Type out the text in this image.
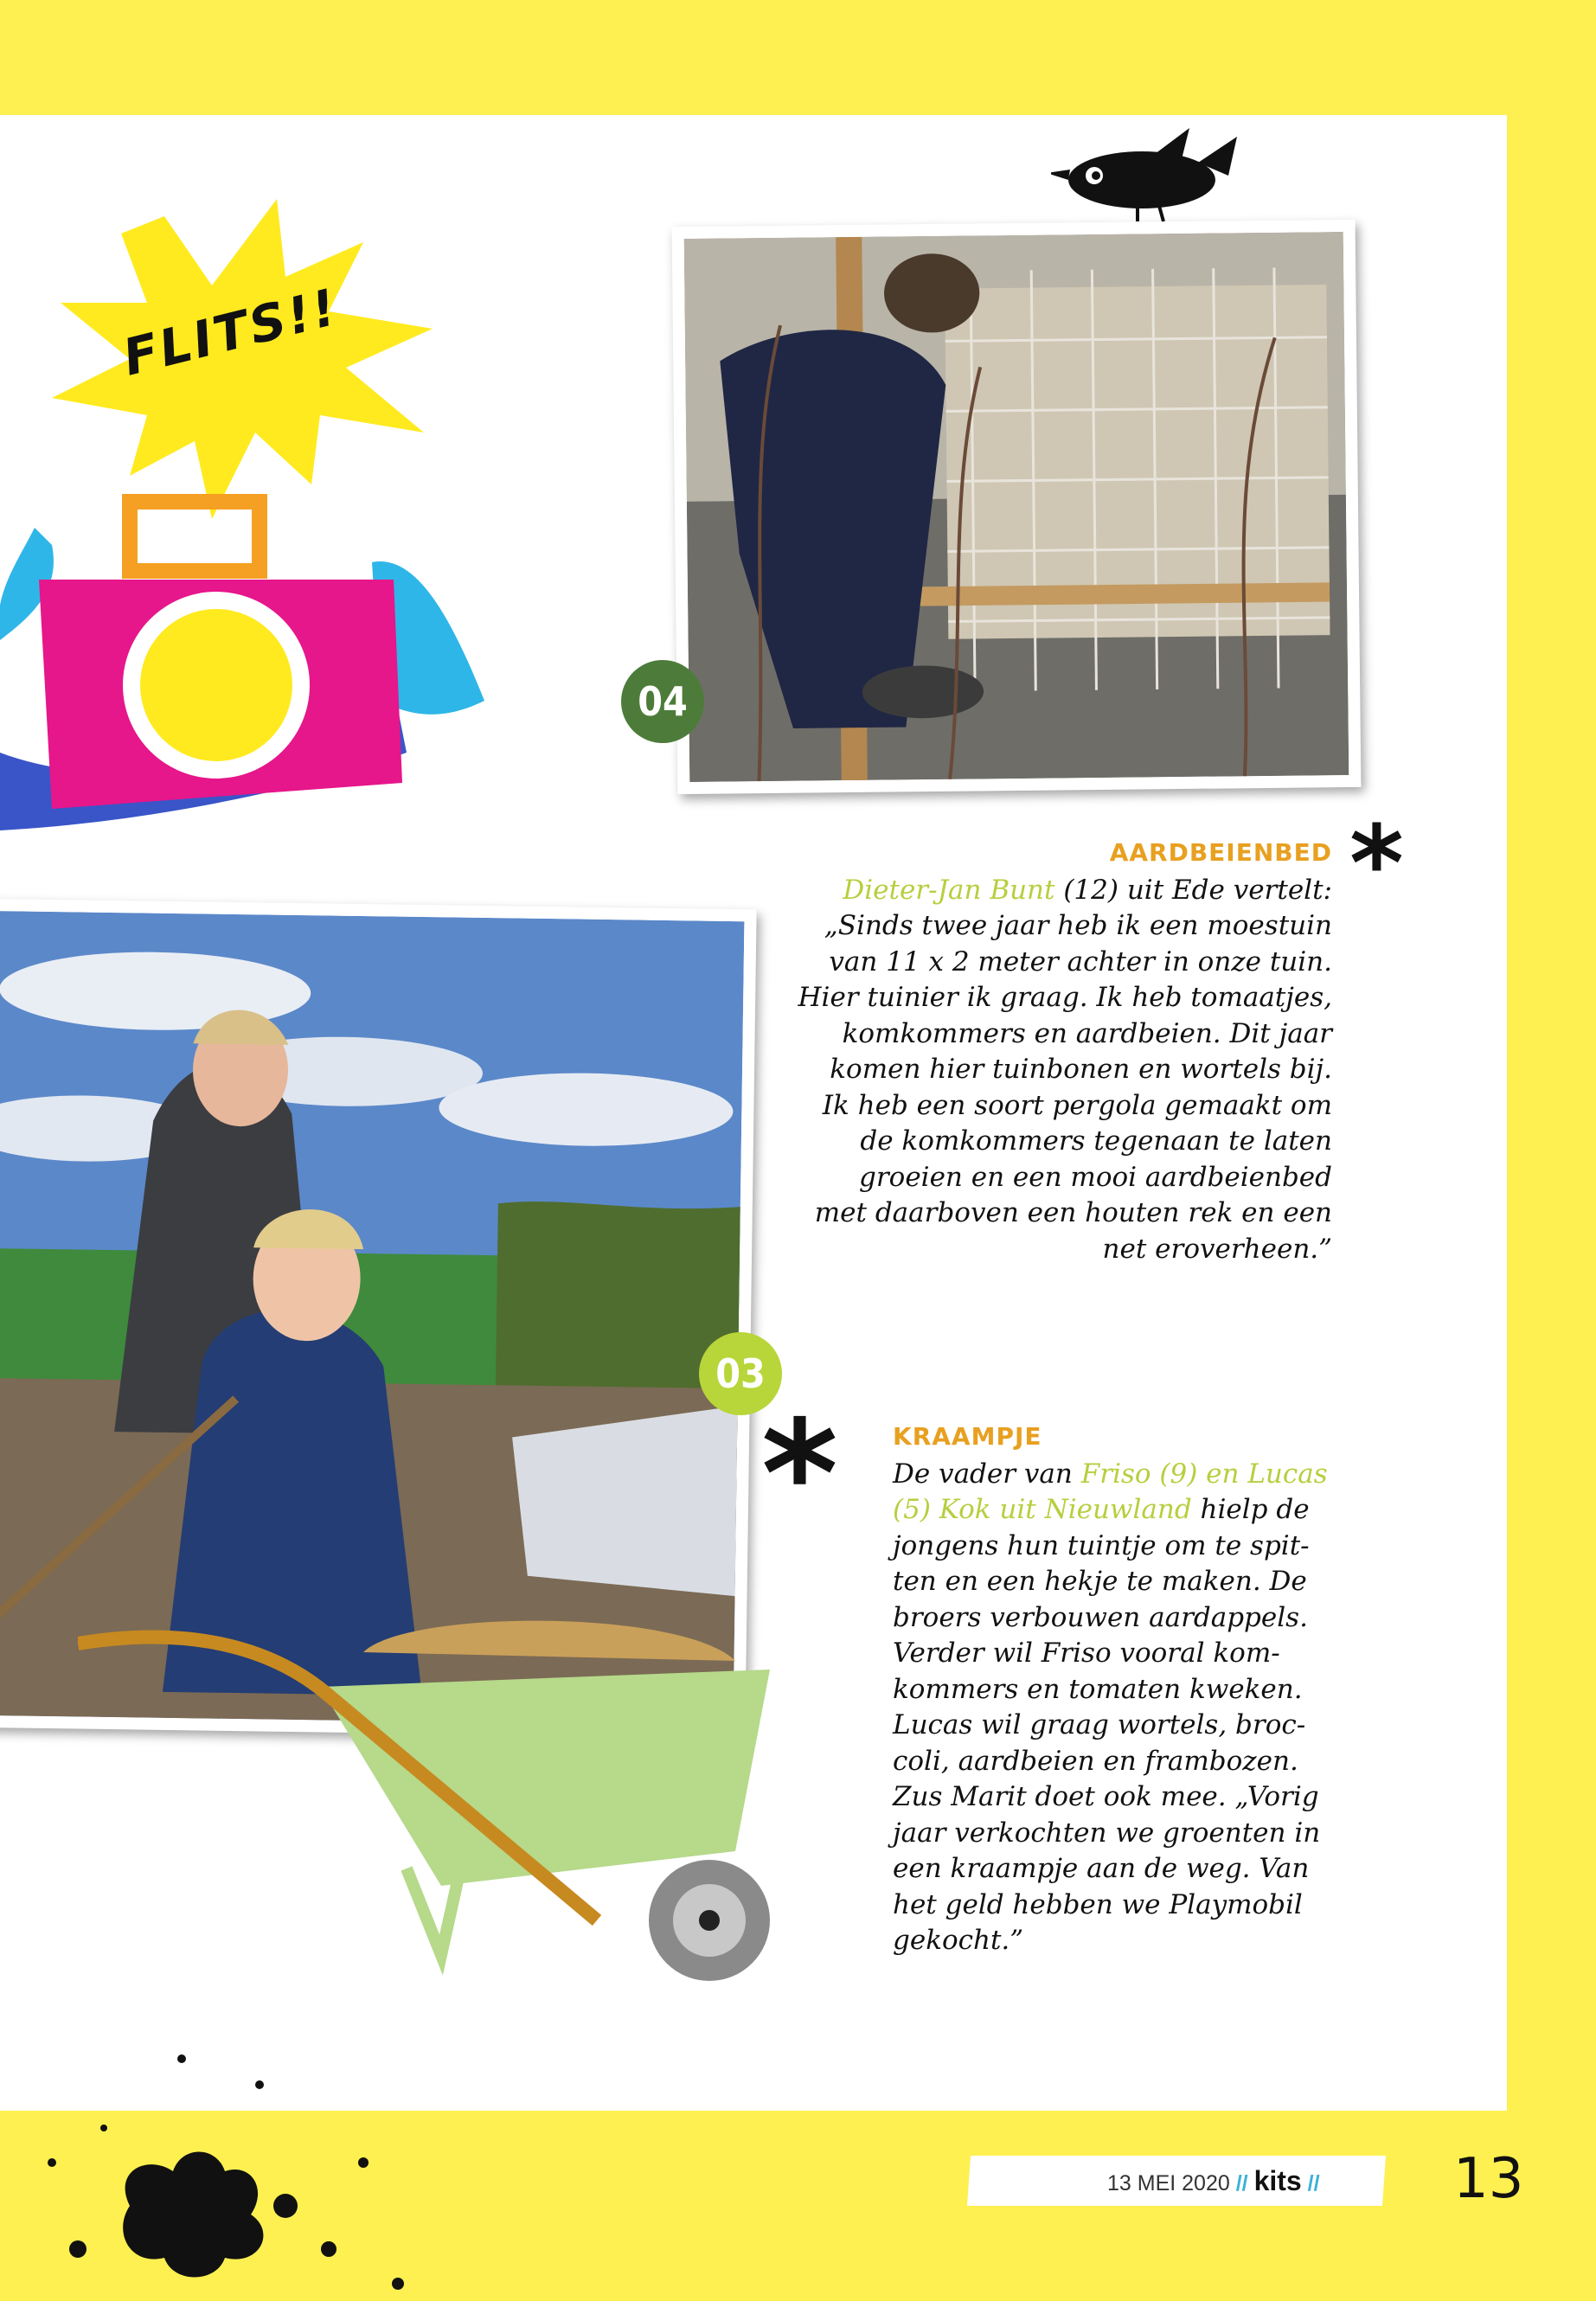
FLITS!!
04
03
*
*
AARDBEIENBED
Dieter-Jan Bunt (12) uit Ede vertelt:
„Sinds twee jaar heb ik een moestuin
van 11 x 2 meter achter in onze tuin.
Hier tuinier ik graag. Ik heb tomaatjes,
komkommers en aardbeien. Dit jaar
komen hier tuinbonen en wortels bij.
Ik heb een soort pergola gemaakt om
de komkommers tegenaan te laten
groeien en een mooi aardbeienbed
met daarboven een houten rek en een
net eroverheen.”
KRAAMPJE
De vader van Friso (9) en Lucas
(5) Kok uit Nieuwland hielp de
jongens hun tuintje om te spit-
ten en een hekje te maken. De
broers verbouwen aardappels.
Verder wil Friso vooral kom-
kommers en tomaten kweken.
Lucas wil graag wortels, broc-
coli, aardbeien en frambozen.
Zus Marit doet ook mee. „Vorig
jaar verkochten we groenten in
een kraampje aan de weg. Van
het geld hebben we Playmobil
gekocht.”
13 MEI 2020 // kits // 13
